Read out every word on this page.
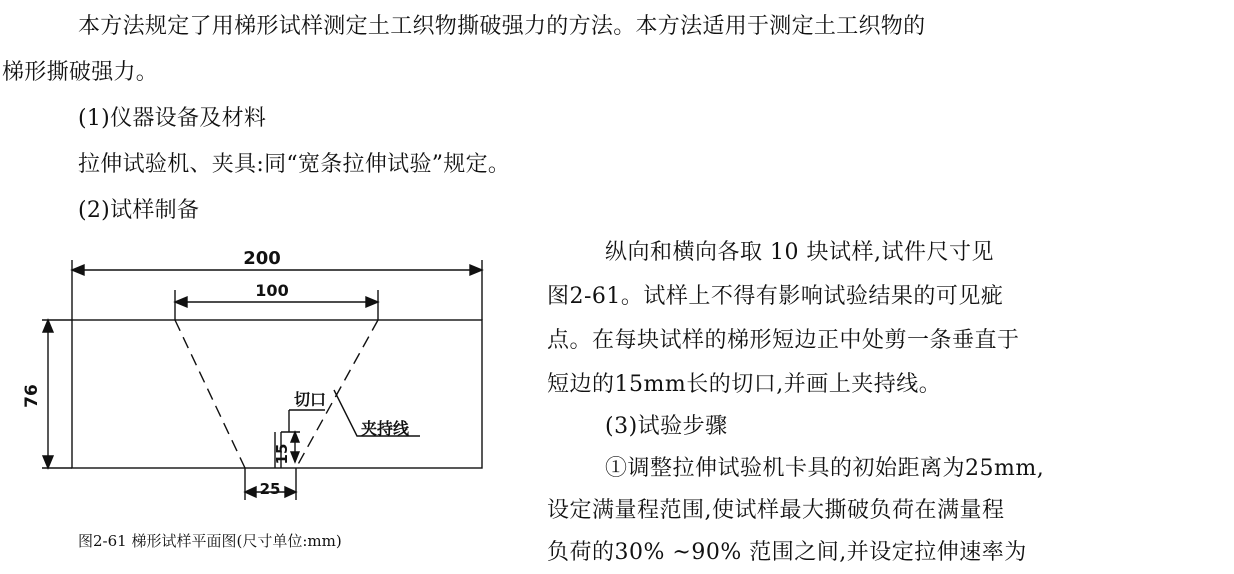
本方法规定了用梯形试样测定土工织物撕破强力的方法。本方法适用于测定土工织物的
梯形撕破强力。
(1)仪器设备及材料
拉伸试验机、夹具:同“宽条拉伸试验”规定。
(2)试样制备
纵向和横向各取 10 块试样,试件尺寸见
图2-61。试样上不得有影响试验结果的可见疵
点。在每块试样的梯形短边正中处剪一条垂直于
短边的15mm长的切口,并画上夹持线。
(3)试验步骤
①调整拉伸试验机卡具的初始距离为25mm,
设定满量程范围,使试样最大撕破负荷在满量程
负荷的30% ~90% 范围之间,并设定拉伸速率为
200
100
76
15
25
切口
夹持线
图2-61 梯形试样平面图(尺寸单位:mm)
